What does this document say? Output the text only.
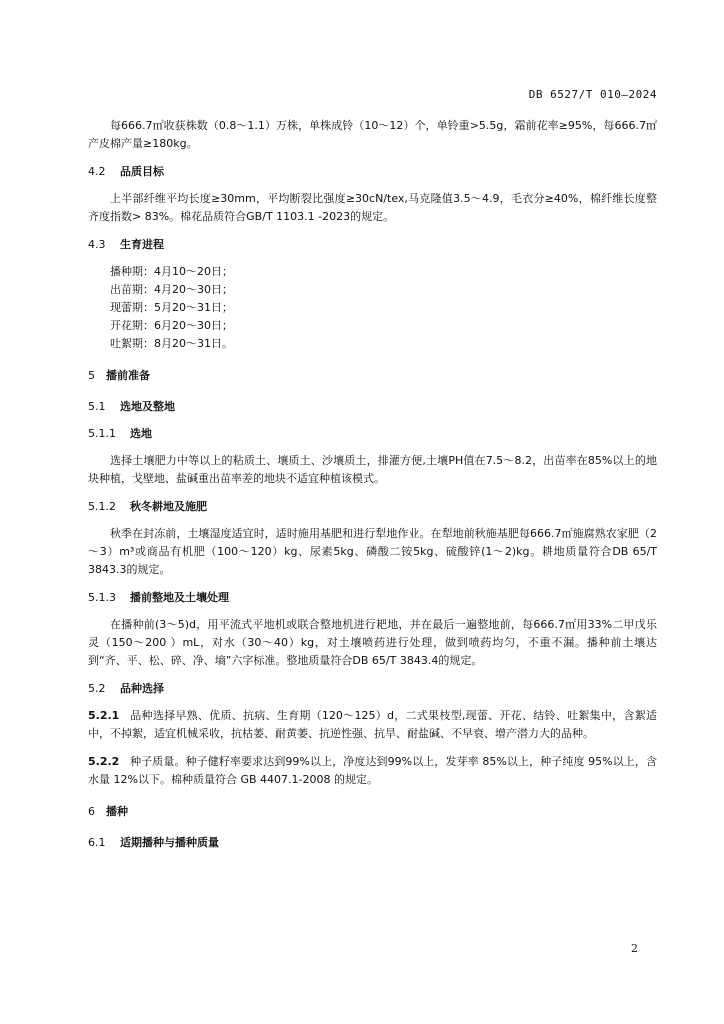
DB 6527/T 010—2024

每666.7㎡收获株数（0.8～1.1）万株，单株成铃（10～12）个，单铃重>5.5g，霜前花率≥95%，每666.7㎡产皮棉产量≥180kg。

4.2 品质目标

上半部纤维平均长度≥30mm，平均断裂比强度≥30cN/tex,马克隆值3.5～4.9，毛衣分≥40%，棉纤维长度整齐度指数> 83%。棉花品质符合GB/T 1103.1 -2023的规定。

4.3 生育进程

播种期：4月10～20日；

出苗期：4月20～30日；

现蕾期：5月20～31日；

开花期：6月20～30日；

吐絮期：8月20～31日。

5 播前准备
5.1 选地及整地
5.1.1 选地

选择土壤肥力中等以上的粘质土、壤质土、沙壤质土，排灌方便,土壤PH值在7.5～8.2，出苗率在85%以上的地块种植，戈壁地、盐碱重出苗率差的地块不适宜种植该模式。

5.1.2 秋冬耕地及施肥

秋季在封冻前，土壤湿度适宜时，适时施用基肥和进行犁地作业。在犁地前秋施基肥每666.7㎡施腐熟农家肥（2～3）m³或商品有机肥（100～120）kg、尿素5kg、磷酸二铵5kg、硫酸锌(1～2)kg。耕地质量符合DB 65/T 3843.3的规定。

5.1.3 播前整地及土壤处理

在播种前(3～5)d，用平流式平地机或联合整地机进行耙地，并在最后一遍整地前，每666.7㎡用33%二甲戊乐灵（150～200 ）mL，对水（30～40）kg，对土壤喷药进行处理，做到喷药均匀，不重不漏。播种前土壤达到“齐、平、松、碎、净、墒”六字标准。整地质量符合DB 65/T 3843.4的规定。

5.2 品种选择

5.2.1 品种选择早熟、优质、抗病、生育期（120～125）d，二式果枝型,现蕾、开花、结铃、吐絮集中，含絮适中，不掉絮，适宜机械采收，抗枯萎、耐黄萎、抗逆性强、抗旱、耐盐碱、不早衰、增产潜力大的品种。

5.2.2 种子质量。种子健籽率要求达到99%以上，净度达到99%以上，发芽率 85%以上，种子纯度 95%以上，含水量 12%以下。棉种质量符合 GB 4407.1-2008 的规定。

6 播种
6.1 适期播种与播种质量
2
